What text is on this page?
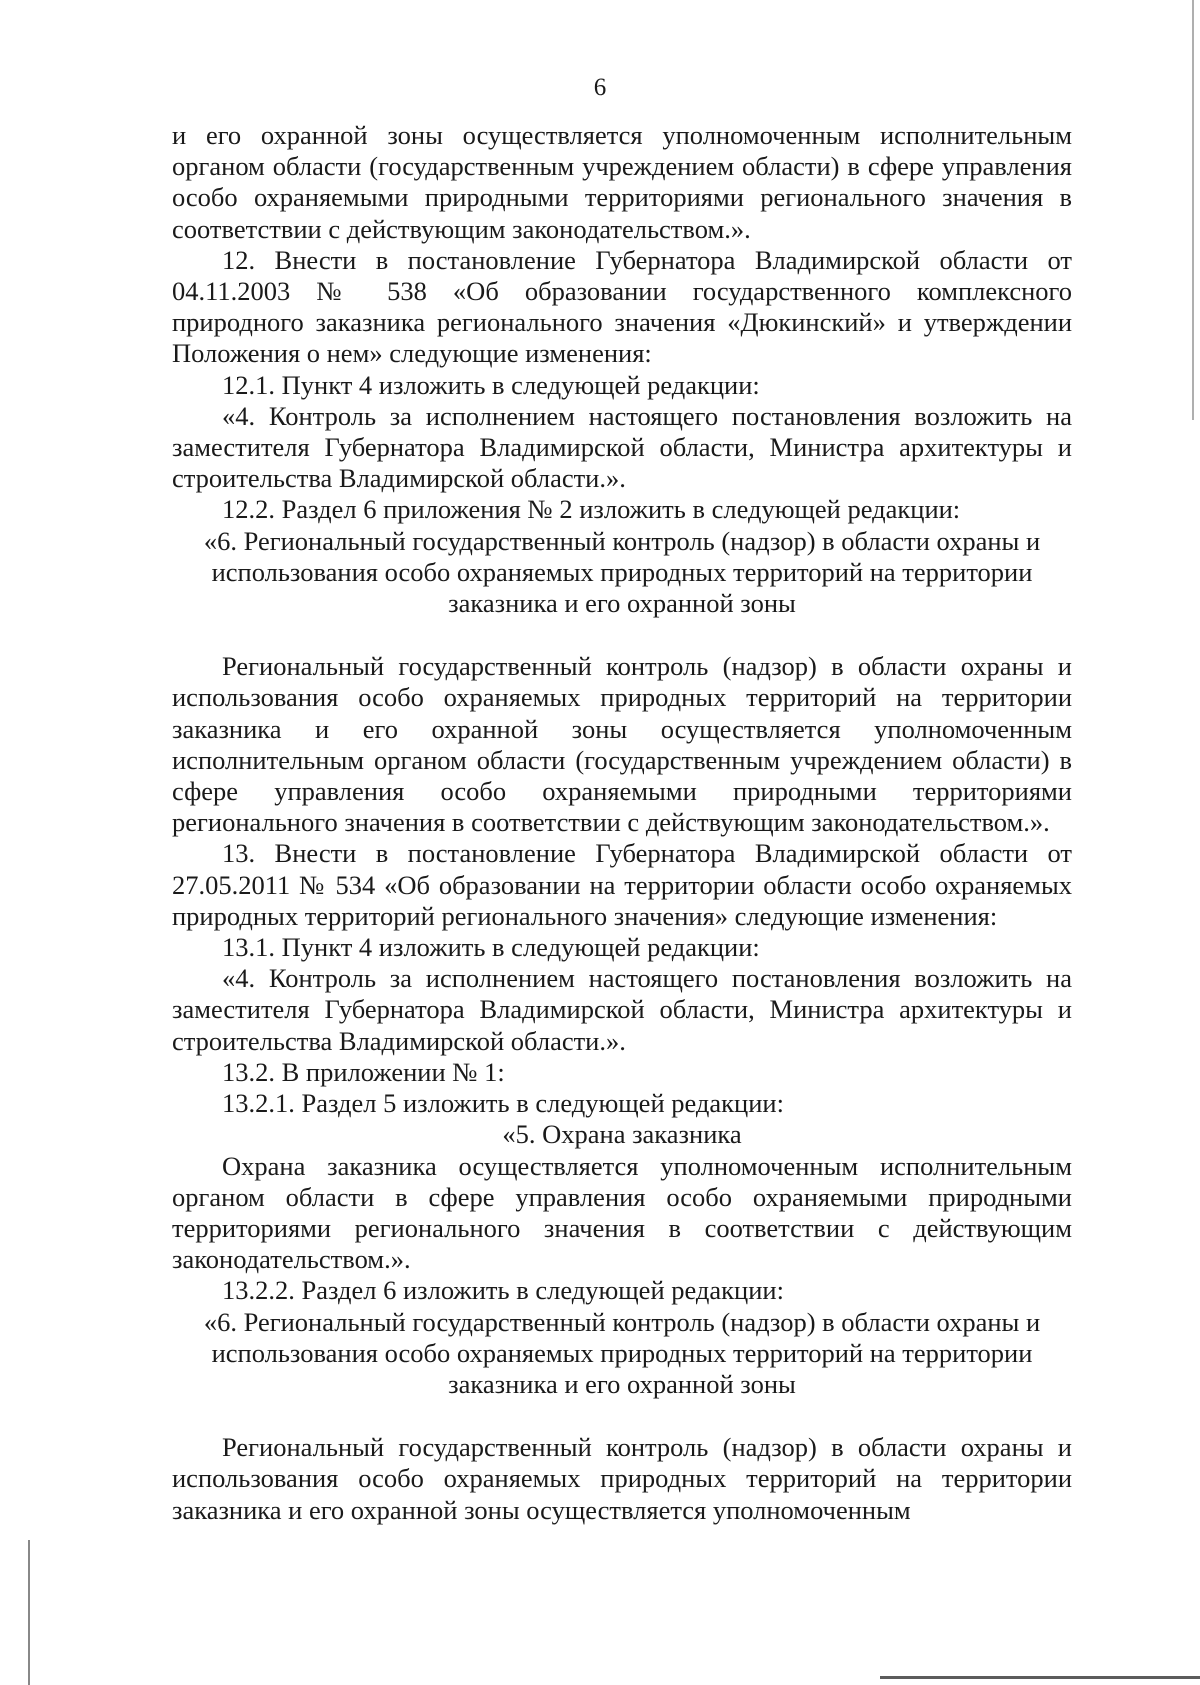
6

и его охранной зоны осуществляется уполномоченным исполнительным органом области (государственным учреждением области) в сфере управления особо охраняемыми природными территориями регионального значения в соответствии с действующим законодательством.».

12. Внести в постановление Губернатора Владимирской области от 04.11.2003 № 538 «Об образовании государственного комплексного природного заказника регионального значения «Дюкинский» и утверждении Положения о нем» следующие изменения:

12.1. Пункт 4 изложить в следующей редакции:

«4. Контроль за исполнением настоящего постановления возложить на заместителя Губернатора Владимирской области, Министра архитектуры и строительства Владимирской области.».

12.2. Раздел 6 приложения № 2 изложить в следующей редакции:

«6. Региональный государственный контроль (надзор) в области охраны и использования особо охраняемых природных территорий на территории заказника и его охранной зоны

Региональный государственный контроль (надзор) в области охраны и использования особо охраняемых природных территорий на территории заказника и его охранной зоны осуществляется уполномоченным исполнительным органом области (государственным учреждением области) в сфере управления особо охраняемыми природными территориями регионального значения в соответствии с действующим законодательством.».

13. Внести в постановление Губернатора Владимирской области от 27.05.2011 № 534 «Об образовании на территории области особо охраняемых природных территорий регионального значения» следующие изменения:

13.1. Пункт 4 изложить в следующей редакции:

«4. Контроль за исполнением настоящего постановления возложить на заместителя Губернатора Владимирской области, Министра архитектуры и строительства Владимирской области.».

13.2. В приложении № 1:

13.2.1. Раздел 5 изложить в следующей редакции:

«5. Охрана заказника

Охрана заказника осуществляется уполномоченным исполнительным органом области в сфере управления особо охраняемыми природными территориями регионального значения в соответствии с действующим законодательством.».

13.2.2. Раздел 6 изложить в следующей редакции:

«6. Региональный государственный контроль (надзор) в области охраны и использования особо охраняемых природных территорий на территории заказника и его охранной зоны

Региональный государственный контроль (надзор) в области охраны и использования особо охраняемых природных территорий на территории заказника и его охранной зоны осуществляется уполномоченным
